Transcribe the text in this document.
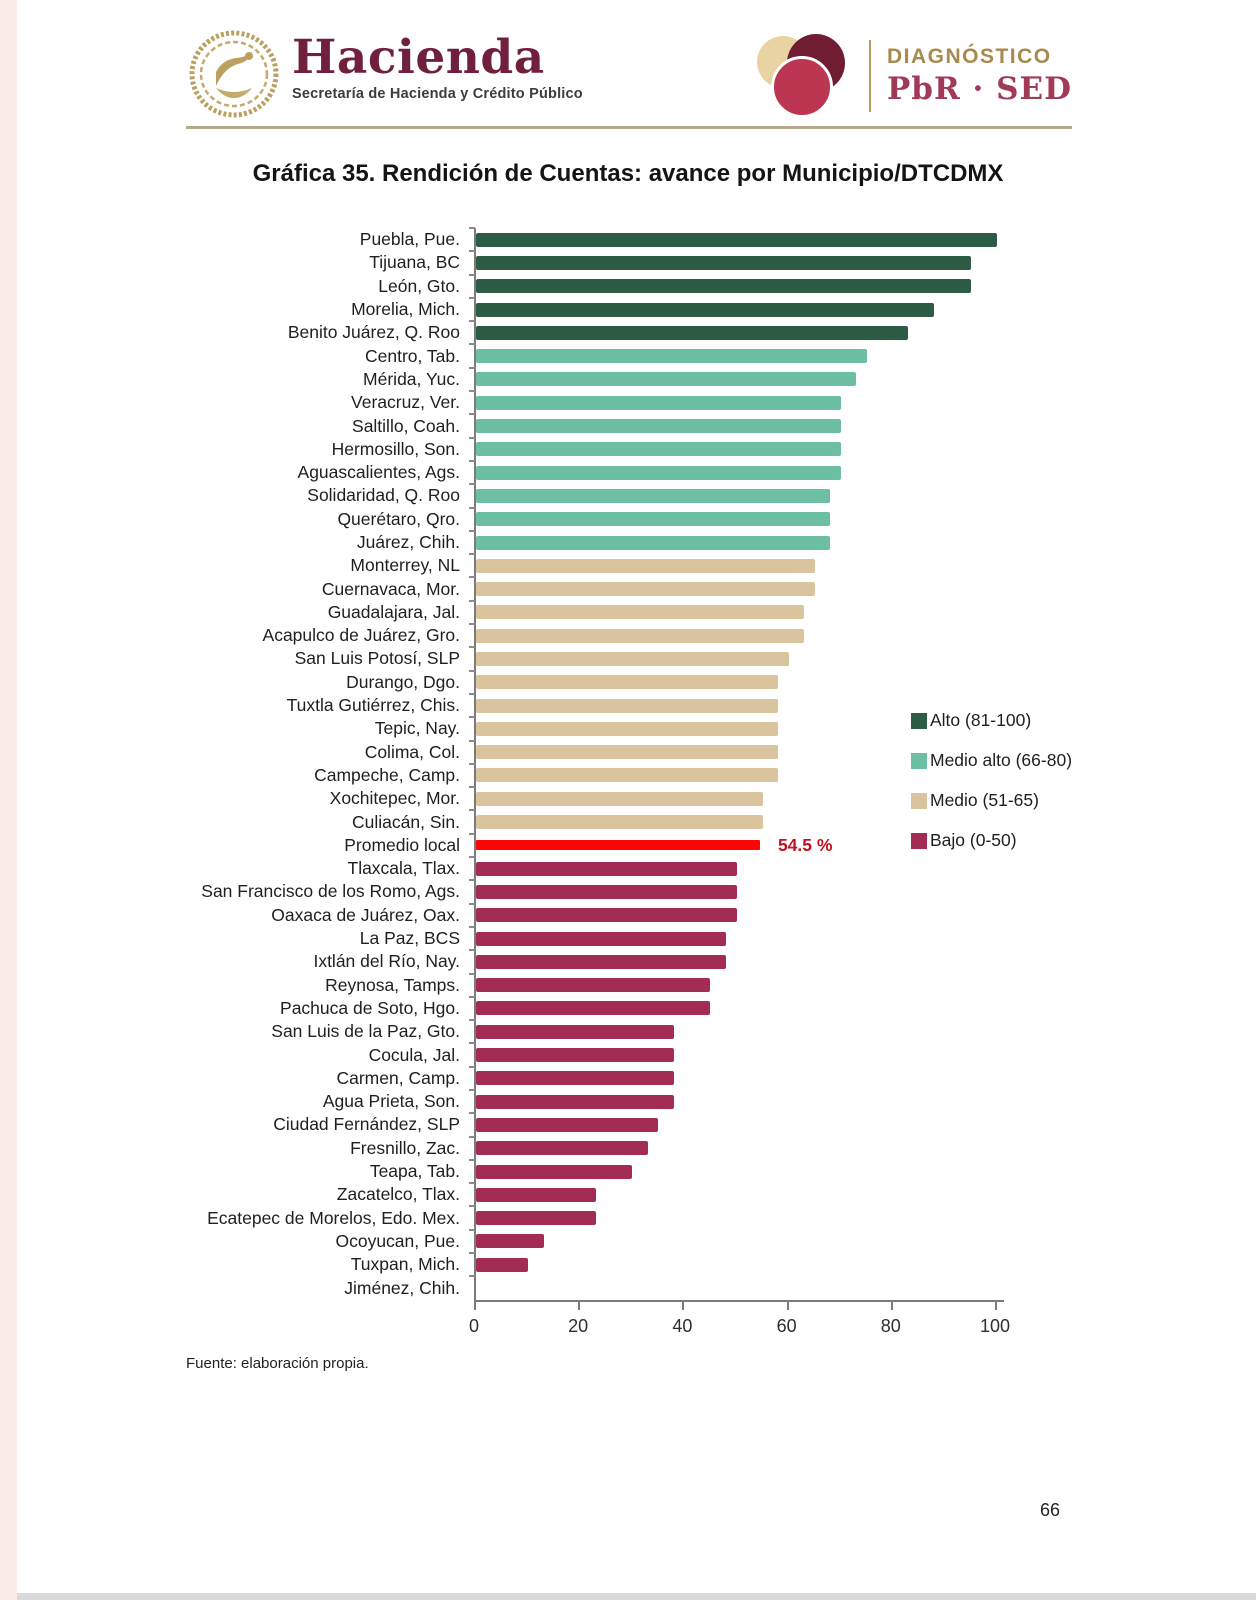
Hacienda
Secretaría de Hacienda y Crédito Público
DIAGNÓSTICO
PbR · SED
Gráfica 35. Rendición de Cuentas: avance por Municipio/DTCDMX
Puebla, Pue.
Tijuana, BC
León, Gto.
Morelia, Mich.
Benito Juárez, Q. Roo
Centro, Tab.
Mérida, Yuc.
Veracruz, Ver.
Saltillo, Coah.
Hermosillo, Son.
Aguascalientes, Ags.
Solidaridad, Q. Roo
Querétaro, Qro.
Juárez, Chih.
Monterrey, NL
Cuernavaca, Mor.
Guadalajara, Jal.
Acapulco de Juárez, Gro.
San Luis Potosí, SLP
Durango, Dgo.
Tuxtla Gutiérrez, Chis.
Tepic, Nay.
Colima, Col.
Campeche, Camp.
Xochitepec, Mor.
Culiacán, Sin.
Promedio local	54.5 %
Tlaxcala, Tlax.
San Francisco de los Romo, Ags.
Oaxaca de Juárez, Oax.
La Paz, BCS
Ixtlán del Río, Nay.
Reynosa, Tamps.
Pachuca de Soto, Hgo.
San Luis de la Paz, Gto.
Cocula, Jal.
Carmen, Camp.
Agua Prieta, Son.
Ciudad Fernández, SLP
Fresnillo, Zac.
Teapa, Tab.
Zacatelco, Tlax.
Ecatepec de Morelos, Edo. Mex.
Ocoyucan, Pue.
Tuxpan, Mich.
Jiménez, Chih.
0	20	40	60	80	100
Alto (81-100)
Medio alto (66-80)
Medio (51-65)
Bajo (0-50)
Fuente: elaboración propia.
66
